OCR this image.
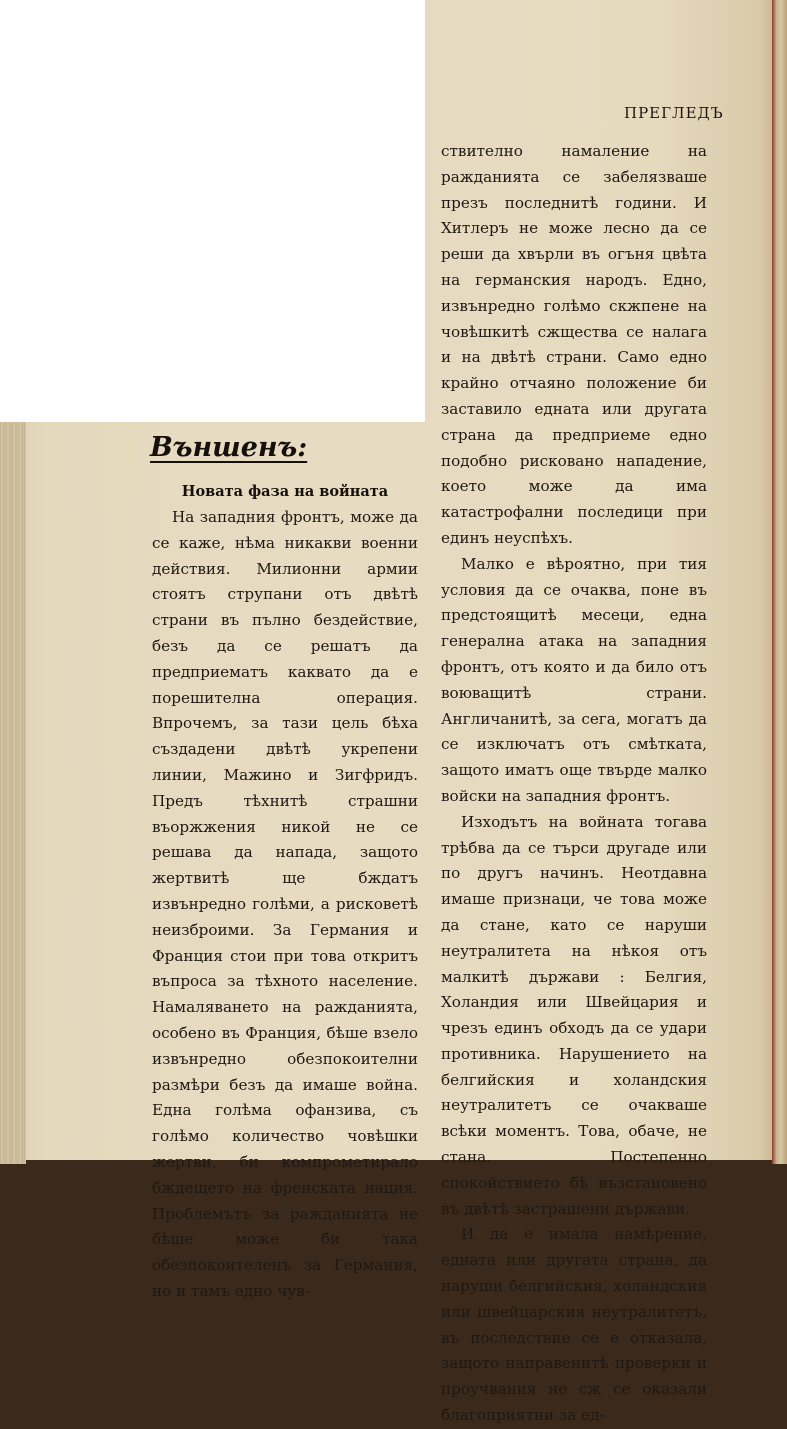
ПРЕГЛЕДЪ
Външенъ:
Новата фаза на войната

На западния фронтъ, може да се каже, нѣма никакви военни действия. Милионни армии стоятъ струпани отъ двѣтѣ страни въ пълно бездействие, безъ да се решатъ да предприематъ каквато да е порешителна операция. Впрочемъ, за тази цель бѣха създадени двѣтѣ укрепени линии, Мажино и Зигфридъ. Предъ тѣхнитѣ страшни въоржжения никой не се решава да напада, защото жертвитѣ ще бждатъ извънредно голѣми, а рисковетѣ неизброими. За Германия и Франция стои при това откритъ въпроса за тѣхното население. Намаляването на ражданията, особено въ Франция, бѣше взело извънредно обезпокоителни размѣри безъ да имаше война. Една голѣма офанзива, съ голѣмо количество човѣшки жертви, би компрометирало бждещето на френската нация. Проблемътъ за ражданията не бѣше може би така обезпокоителенъ за Германия, но и тамъ едно чув-

ствително намаление на ражданията се забелязваше презъ последнитѣ години. И Хитлеръ не може лесно да се реши да хвърли въ огъня цвѣта на германския народъ. Едно, извънредно голѣмо скжпене на човѣшкитѣ сжщества се налага и на двѣтѣ страни. Само едно крайно отчаяно положение би заставило едната или другата страна да предприеме едно подобно рисковано нападение, което може да има катастрофални последици при единъ неуспѣхъ.

Малко е вѣроятно, при тия условия да се очаква, поне въ предстоящитѣ месеци, една генерална атака на западния фронтъ, отъ която и да било отъ воюващитѣ страни. Англичанитѣ, за сега, могатъ да се изключатъ отъ смѣтката, защото иматъ още твърде малко войски на западния фронтъ.

Изходътъ на войната тогава трѣбва да се търси другаде или по другъ начинъ. Неотдавна имаше признаци, че това може да стане, като се наруши неутралитета на нѣкоя отъ малкитѣ държави : Белгия, Холандия или Швейцария и чрезъ единъ обходъ да се удари противника. Нарушението на белгийския и холандския неутралитетъ се очакваше всѣки моментъ. Това, обаче, не стана. Постепенно спокойствието бѣ възстановено въ двѣтѣ застрашени държави.

И да е имала намѣрение, едната или другата страна, да наруши белгийския, холандския или швейцарския неутралитетъ, въ последствие се е отказала, защото направенитѣ проверки и проучвания не сж се оказали благоприятни за ед-
